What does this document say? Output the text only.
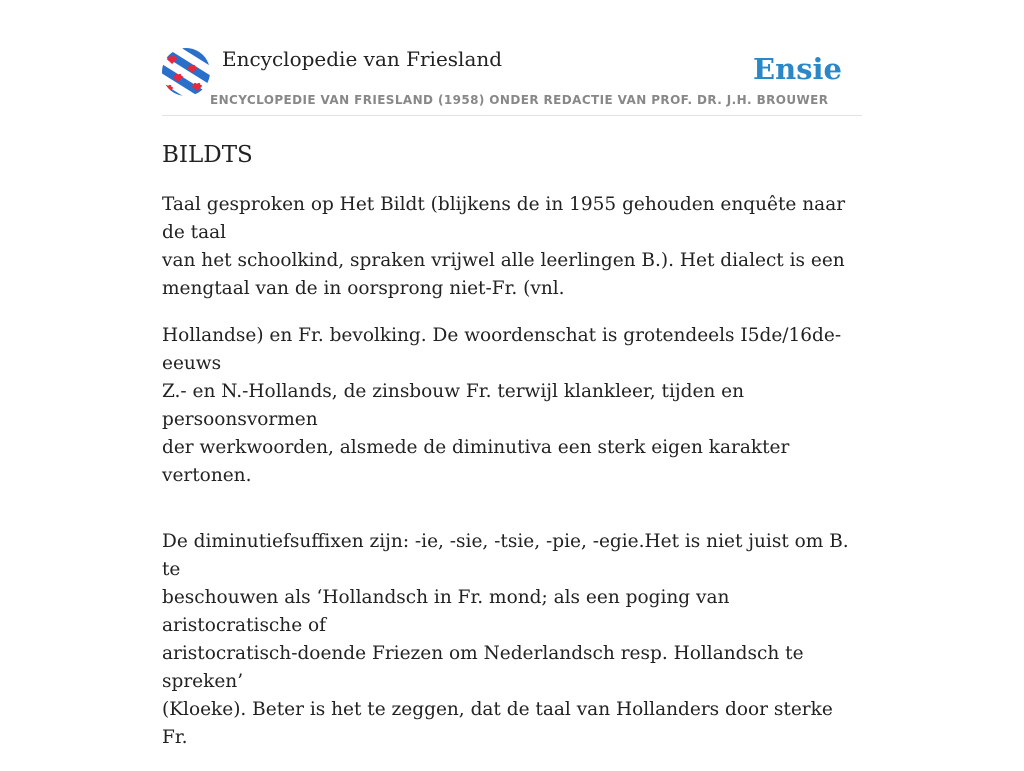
Encyclopedie van Friesland	Ensie
ENCYCLOPEDIE VAN FRIESLAND (1958) ONDER REDACTIE VAN PROF. DR. J.H. BROUWER
BILDTS

Taal gesproken op Het Bildt (blijkens de in 1955 gehouden enquête naar de taal
van het schoolkind, spraken vrijwel alle leerlingen B.). Het dialect is een
mengtaal van de in oorsprong niet-Fr. (vnl.

Hollandse) en Fr. bevolking. De woordenschat is grotendeels I5de/16de-eeuws
Z.- en N.-Hollands, de zinsbouw Fr. terwijl klankleer, tijden en persoonsvormen
der werkwoorden, alsmede de diminutiva een sterk eigen karakter vertonen.

De diminutiefsuffixen zijn: -ie, -sie, -tsie, -pie, -egie.Het is niet juist om B. te
beschouwen als ‘Hollandsch in Fr. mond; als een poging van aristocratische of
aristocratisch-doende Friezen om Nederlandsch resp. Hollandsch te spreken’
(Kloeke). Beter is het te zeggen, dat de taal van Hollanders door sterke Fr.
